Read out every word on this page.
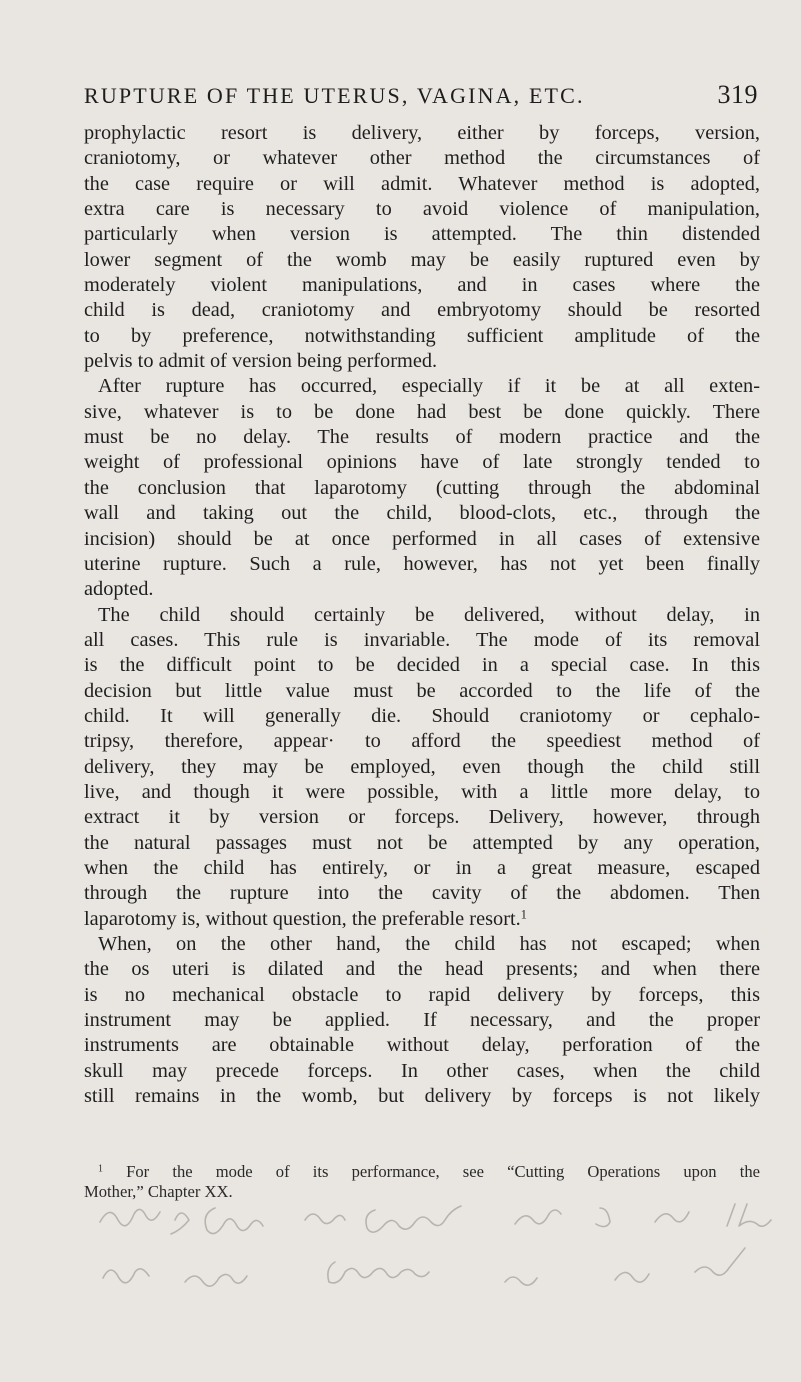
RUPTURE OF THE UTERUS, VAGINA, ETC.	319
prophylactic resort is delivery, either by forceps, version,
craniotomy, or whatever other method the circumstances of
the case require or will admit. Whatever method is adopted,
extra care is necessary to avoid violence of manipulation,
particularly when version is attempted. The thin distended
lower segment of the womb may be easily ruptured even by
moderately violent manipulations, and in cases where the
child is dead, craniotomy and embryotomy should be resorted
to by preference, notwithstanding sufficient amplitude of the
pelvis to admit of version being performed.
After rupture has occurred, especially if it be at all exten-
sive, whatever is to be done had best be done quickly. There
must be no delay. The results of modern practice and the
weight of professional opinions have of late strongly tended to
the conclusion that laparotomy (cutting through the abdominal
wall and taking out the child, blood-clots, etc., through the
incision) should be at once performed in all cases of extensive
uterine rupture. Such a rule, however, has not yet been finally
adopted.
The child should certainly be delivered, without delay, in
all cases. This rule is invariable. The mode of its removal
is the difficult point to be decided in a special case. In this
decision but little value must be accorded to the life of the
child. It will generally die. Should craniotomy or cephalo-
tripsy, therefore, appear· to afford the speediest method of
delivery, they may be employed, even though the child still
live, and though it were possible, with a little more delay, to
extract it by version or forceps. Delivery, however, through
the natural passages must not be attempted by any operation,
when the child has entirely, or in a great measure, escaped
through the rupture into the cavity of the abdomen. Then
laparotomy is, without question, the preferable resort.$^1$
When, on the other hand, the child has not escaped; when
the os uteri is dilated and the head presents; and when there
is no mechanical obstacle to rapid delivery by forceps, this
instrument may be applied. If necessary, and the proper
instruments are obtainable without delay, perforation of the
skull may precede forceps. In other cases, when the child
still remains in the womb, but delivery by forceps is not likely
$^1$ For the mode of its performance, see “Cutting Operations upon the
Mother,” Chapter XX.
